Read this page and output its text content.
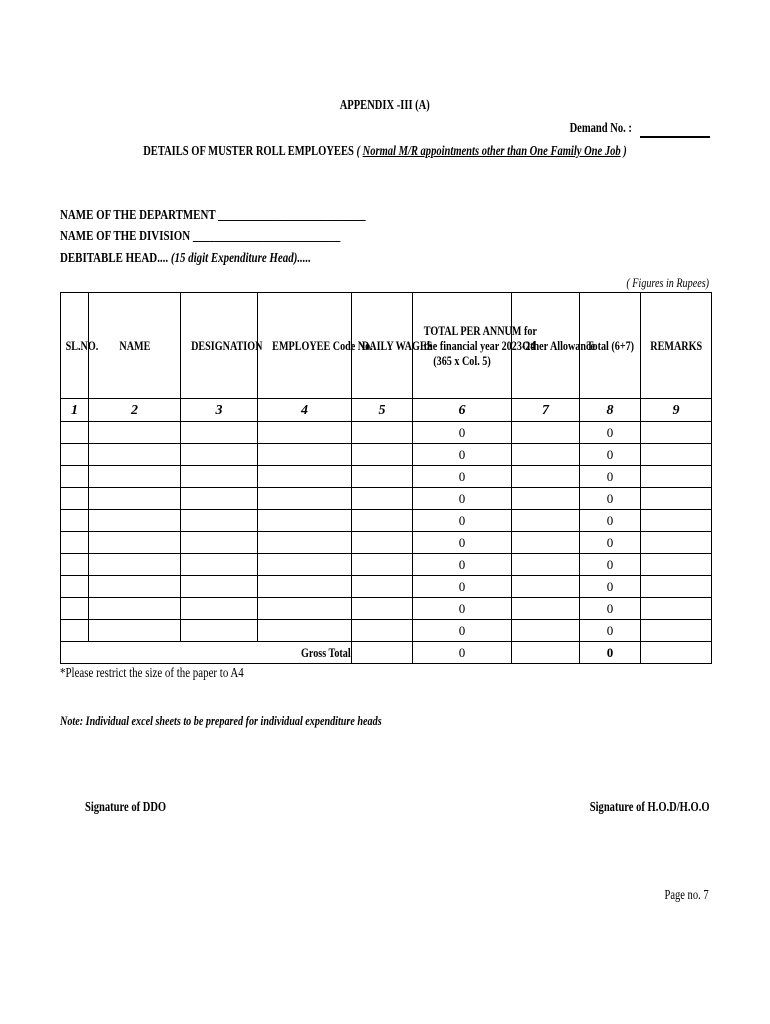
APPENDIX -III (A)
Demand No. :
DETAILS OF MUSTER ROLL EMPLOYEES ( Normal M/R appointments other than One Family One Job )
NAME OF THE DEPARTMENT ___________________________
NAME OF THE DIVISION ___________________________
DEBITABLE HEAD.... (15 digit Expenditure Head).....
( Figures in Rupees)
SL.NO.	NAME	DESIGNATION	EMPLOYEE Code No.	DAILY WAGES	TOTAL PER ANNUM for
the financial year 2023-24
(365 x Col. 5)	Other Allowance	Total (6+7)	REMARKS
1	2	3	4	5	6	7	8	9
					0		0	
					0		0	
					0		0	
					0		0	
					0		0	
					0		0	
					0		0	
					0		0	
					0		0	
					0		0	
Gross Total					0		0	
*Please restrict the size of the paper to A4
Note: Individual excel sheets to be prepared for individual expenditure heads
Signature of DDO	Signature of H.O.D/H.O.O
Page no. 7
